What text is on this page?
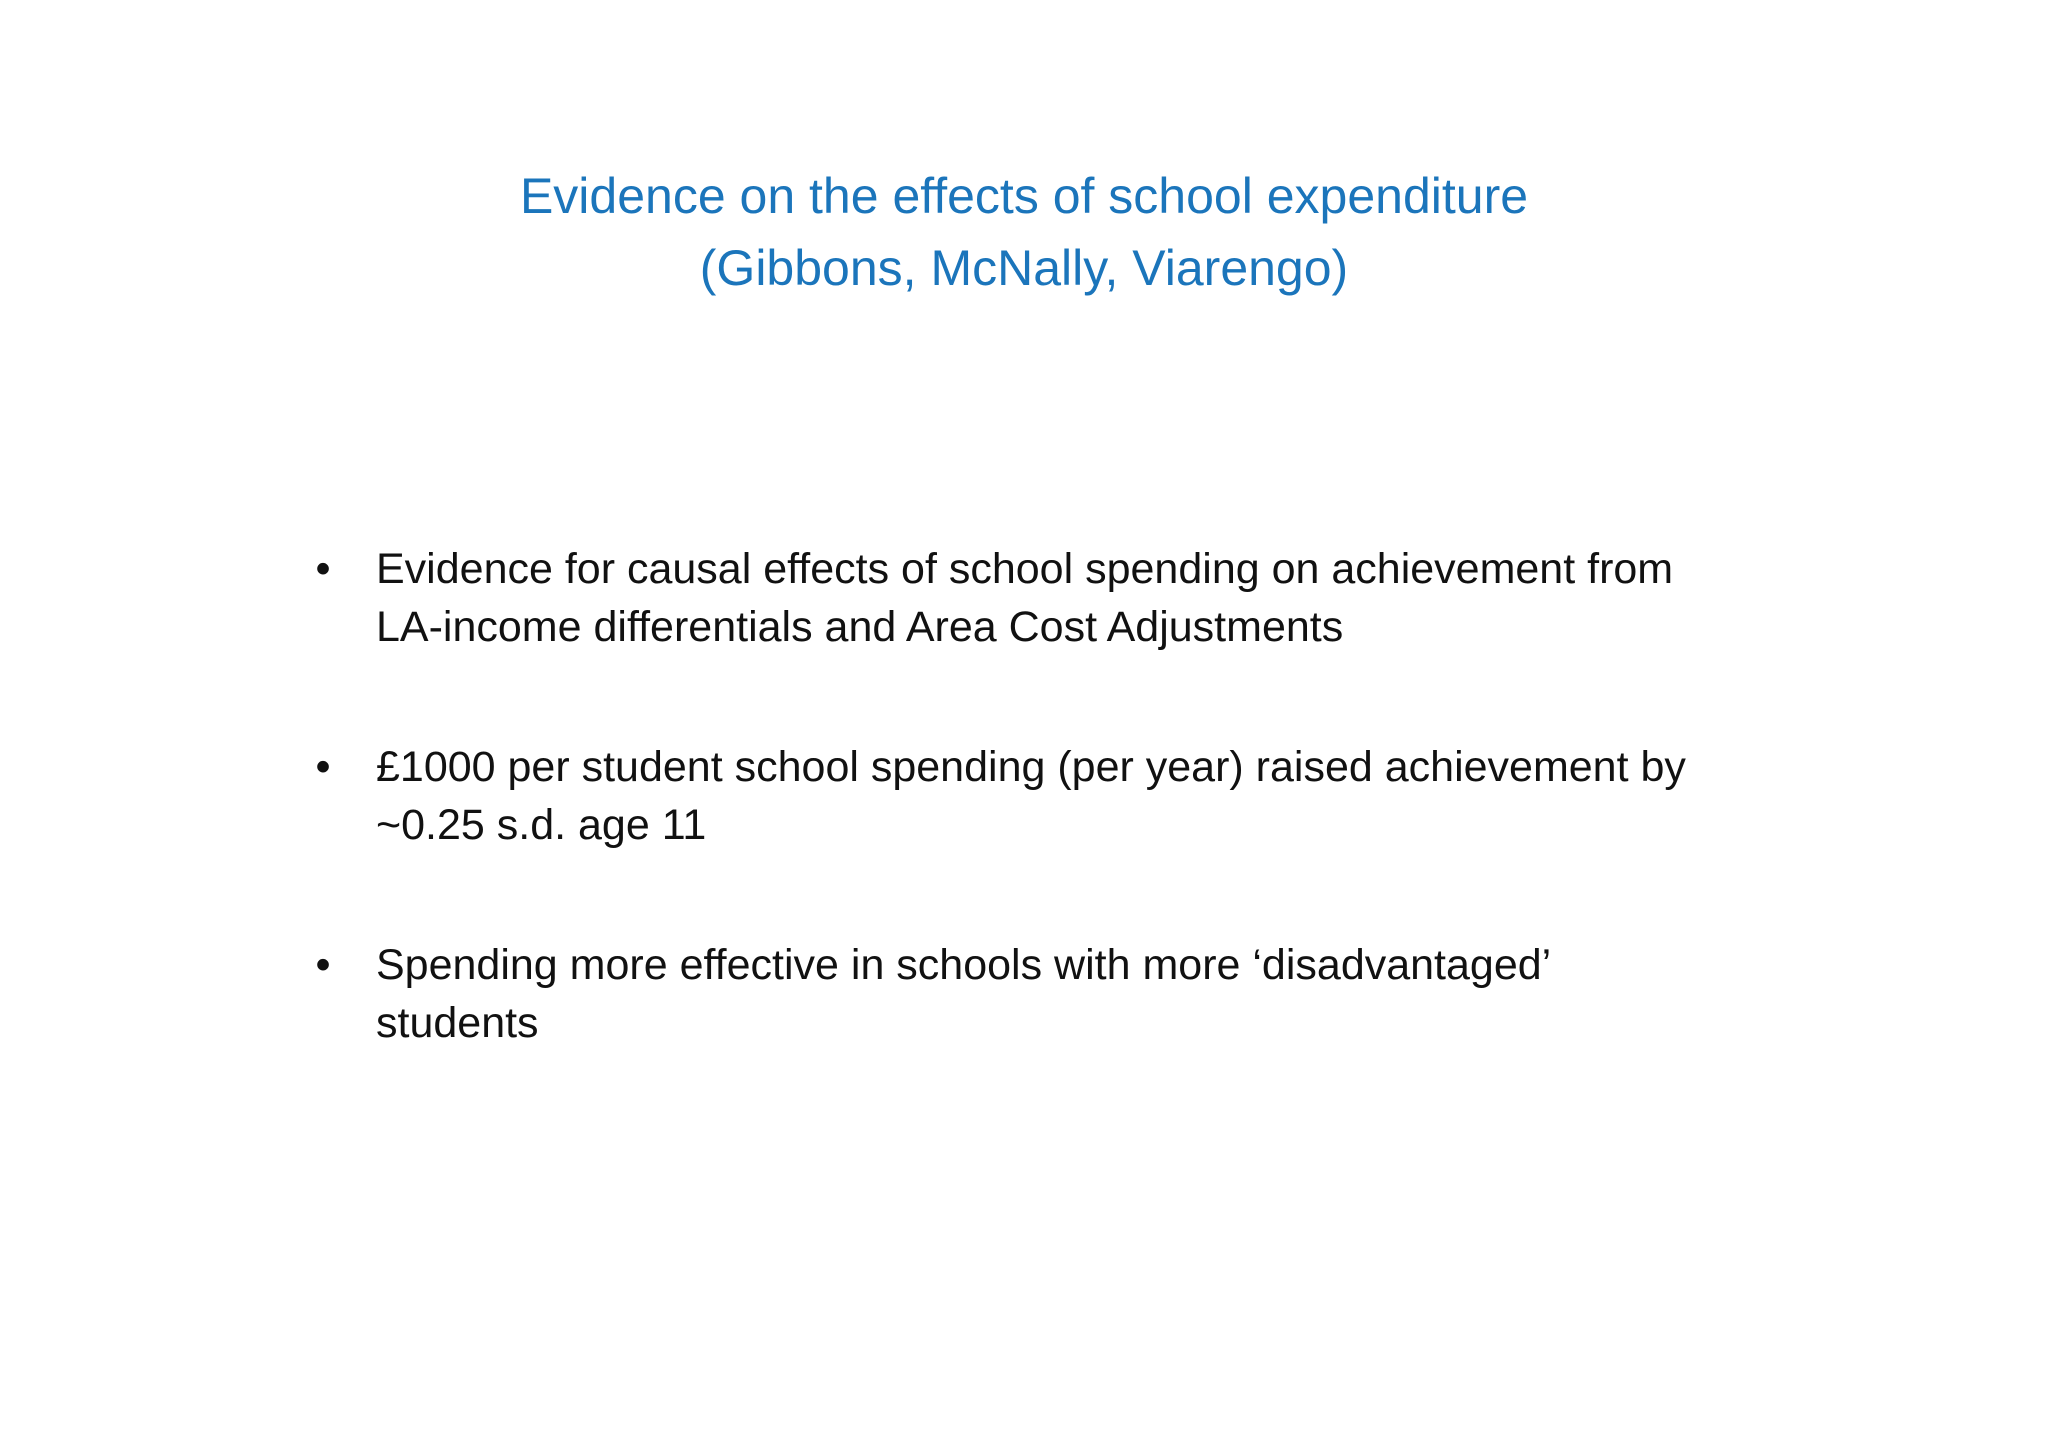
Evidence on the effects of school expenditure
(Gibbons, McNally, Viarengo)
• Evidence for causal effects of school spending on achievement from
LA-income differentials and Area Cost Adjustments
• £1000 per student school spending (per year) raised achievement by
~0.25 s.d. age 11
• Spending more effective in schools with more ‘disadvantaged’
students
